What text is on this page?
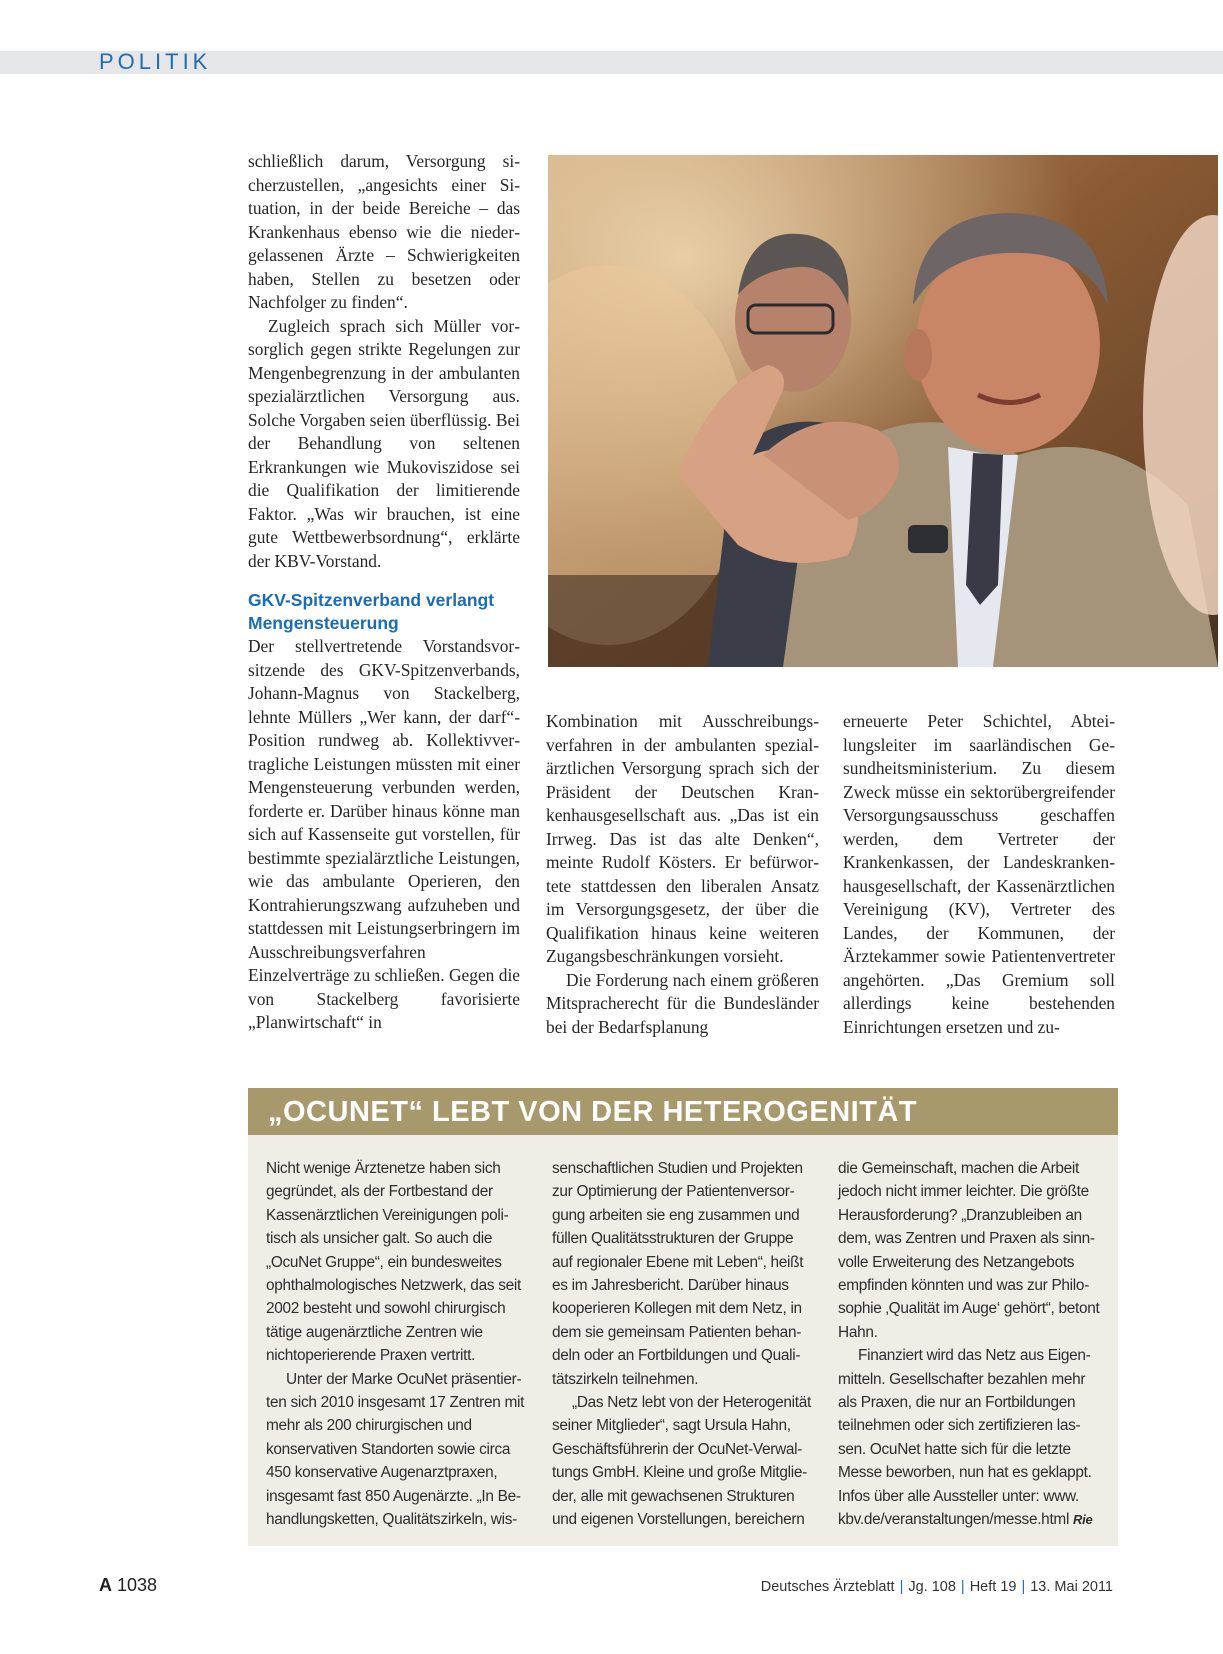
POLITIK

schließlich darum, Versorgung sicherzustellen, „angesichts einer Situation, in der beide Bereiche – das Krankenhaus ebenso wie die niedergelassenen Ärzte – Schwierigkeiten haben, Stellen zu besetzen oder Nachfolger zu finden“.

Zugleich sprach sich Müller vorsorglich gegen strikte Regelungen zur Mengenbegrenzung in der ambulanten spezialärztlichen Versorgung aus. Solche Vorgaben seien überflüssig. Bei der Behandlung von seltenen Erkrankungen wie Mukoviszidose sei die Qualifikation der limitierende Faktor. „Was wir brauchen, ist eine gute Wettbewerbsordnung“, erklärte der KBV-Vorstand.

GKV-Spitzenverband verlangt Mengensteuerung

Der stellvertretende Vorstandsvorsitzende des GKV-Spitzenverbands, Johann-Magnus von Stackelberg, lehnte Müllers „Wer kann, der darf“-Position rundweg ab. Kollektivvertragliche Leistungen müssten mit einer Mengensteuerung verbunden werden, forderte er. Darüber hinaus könne man sich auf Kassenseite gut vorstellen, für bestimmte spezialärztliche Leistungen, wie das ambulante Operieren, den Kontrahierungszwang aufzuheben und stattdessen mit Leistungserbringern im Ausschreibungsverfahren Einzelverträge zu schließen. Gegen die von Stackelberg favorisierte „Planwirtschaft“ in

Kombination mit Ausschreibungsverfahren in der ambulanten spezialärztlichen Versorgung sprach sich der Präsident der Deutschen Krankenhausgesellschaft aus. „Das ist ein Irrweg. Das ist das alte Denken“, meinte Rudolf Kösters. Er befürwortete stattdessen den liberalen Ansatz im Versorgungsgesetz, der über die Qualifikation hinaus keine weiteren Zugangsbeschränkungen vorsieht.

Die Forderung nach einem größeren Mitspracherecht für die Bundesländer bei der Bedarfsplanung

erneuerte Peter Schichtel, Abteilungsleiter im saarländischen Gesundheitsministerium. Zu diesem Zweck müsse ein sektorübergreifender Versorgungsausschuss geschaffen werden, dem Vertreter der Krankenkassen, der Landeskrankenhausgesellschaft, der Kassenärztlichen Vereinigung (KV), Vertreter des Landes, der Kommunen, der Ärztekammer sowie Patientenvertreter angehörten. „Das Gremium soll allerdings keine bestehenden Einrichtungen ersetzen und zu-

„OCUNET“ LEBT VON DER HETEROGENITÄT

Nicht wenige Ärztenetze haben sich gegründet, als der Fortbestand der Kassenärztlichen Vereinigungen politisch als unsicher galt. So auch die „OcuNet Gruppe“, ein bundesweites ophthalmologisches Netzwerk, das seit 2002 besteht und sowohl chirurgisch tätige augenärztliche Zentren wie nichtoperierende Praxen vertritt.

Unter der Marke OcuNet präsentierten sich 2010 insgesamt 17 Zentren mit mehr als 200 chirurgischen und konservativen Standorten sowie circa 450 konservative Augenarztpraxen, insgesamt fast 850 Augenärzte. „In Behandlungsketten, Qualitätszirkeln, wis-

senschaftlichen Studien und Projekten zur Optimierung der Patientenversorgung arbeiten sie eng zusammen und füllen Qualitätsstrukturen der Gruppe auf regionaler Ebene mit Leben“, heißt es im Jahresbericht. Darüber hinaus kooperieren Kollegen mit dem Netz, in dem sie gemeinsam Patienten behandeln oder an Fortbildungen und Qualitätszirkeln teilnehmen.

„Das Netz lebt von der Heterogenität seiner Mitglieder“, sagt Ursula Hahn, Geschäftsführerin der OcuNet-Verwaltungs GmbH. Kleine und große Mitglieder, alle mit gewachsenen Strukturen und eigenen Vorstellungen, bereichern

die Gemeinschaft, machen die Arbeit jedoch nicht immer leichter. Die größte Herausforderung? „Dranzubleiben an dem, was Zentren und Praxen als sinnvolle Erweiterung des Netzangebots empfinden könnten und was zur Philosophie ‚Qualität im Auge‘ gehört“, betont Hahn.

Finanziert wird das Netz aus Eigenmitteln. Gesellschafter bezahlen mehr als Praxen, die nur an Fortbildungen teilnehmen oder sich zertifizieren lassen. OcuNet hatte sich für die letzte Messe beworben, nun hat es geklappt. Infos über alle Aussteller unter: www. kbv.de/veranstaltungen/messe.html Rie

A 1038	Deutsches Ärzteblatt | Jg. 108 | Heft 19 | 13. Mai 2011
